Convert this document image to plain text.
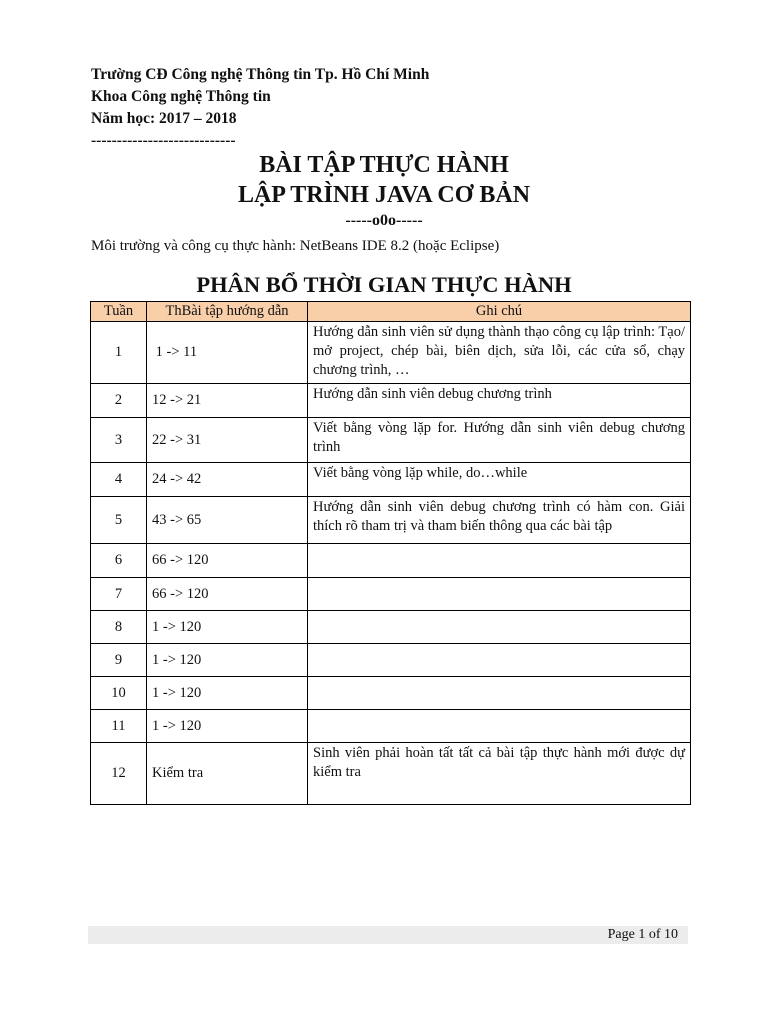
Trường CĐ Công nghệ Thông tin Tp. Hồ Chí Minh
Khoa Công nghệ Thông tin
Năm học: 2017 – 2018
----------------------------
BÀI TẬP THỰC HÀNH
LẬP TRÌNH JAVA CƠ BẢN
-----o0o-----
Môi trường và công cụ thực hành: NetBeans IDE 8.2 (hoặc Eclipse)
PHÂN BỔ THỜI GIAN THỰC HÀNH
Tuần	ThBài tập hướng dẫn	Ghi chú
1	1 -> 11	Hướng dẫn sinh viên sử dụng thành thạo công cụ lập trình: Tạo/ mở project, chép bài, biên dịch, sửa lỗi, các cửa sổ, chạy chương trình, …
2	12 -> 21	Hướng dẫn sinh viên debug chương trình
3	22 -> 31	Viết bằng vòng lặp for. Hướng dẫn sinh viên debug chương trình
4	24 -> 42	Viết bằng vòng lặp while, do…while
5	43 -> 65	Hướng dẫn sinh viên debug chương trình có hàm con. Giải thích rõ tham trị và tham biến thông qua các bài tập
6	66 -> 120	
7	66 -> 120	
8	1 -> 120	
9	1 -> 120	
10	1 -> 120	
11	1 -> 120	
12	Kiểm tra	Sinh viên phải hoàn tất tất cả bài tập thực hành mới được dự kiểm tra
Page 1 of 10
